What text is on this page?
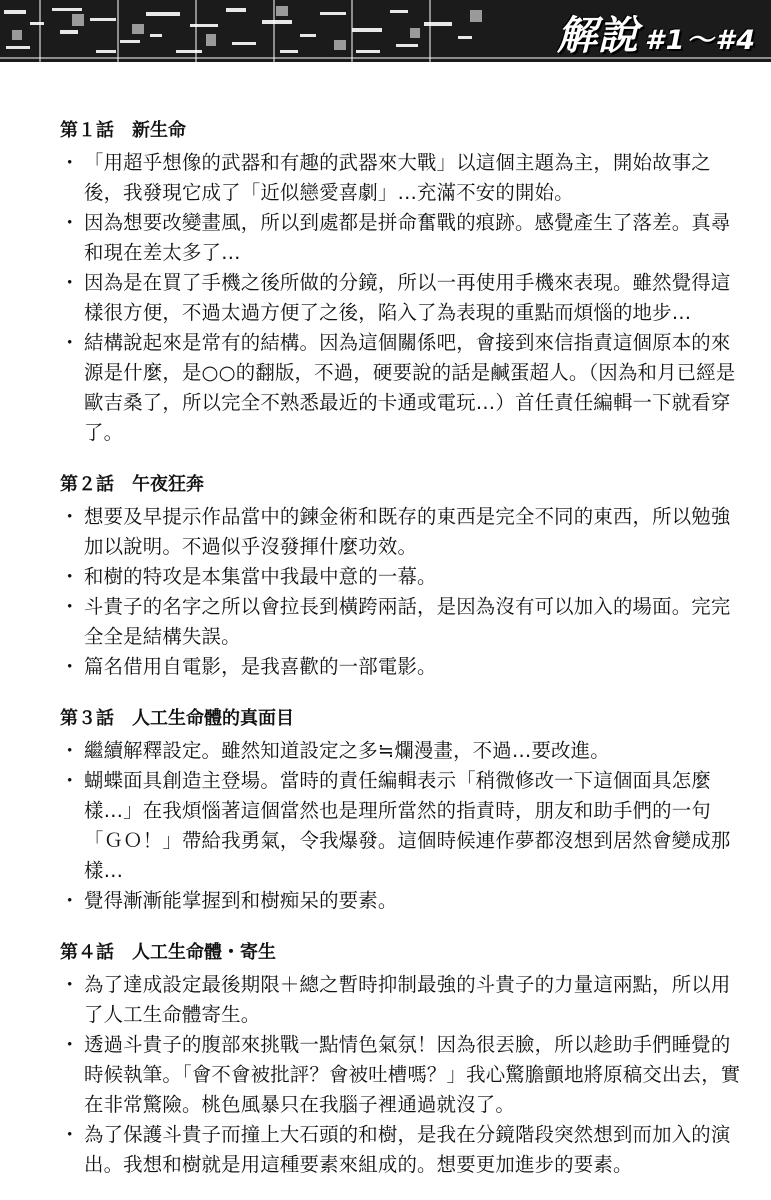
解說 #1～#4
第１話 新生命
・ 「用超乎想像的武器和有趣的武器來大戰」以這個主題為主，開始故事之後，我發現它成了「近似戀愛喜劇」…充滿不安的開始。
・ 因為想要改變畫風，所以到處都是拼命奮戰的痕跡。感覺產生了落差。真尋和現在差太多了…
・ 因為是在買了手機之後所做的分鏡，所以一再使用手機來表現。雖然覺得這樣很方便，不過太過方便了之後，陷入了為表現的重點而煩惱的地步…
・ 結構說起來是常有的結構。因為這個關係吧，會接到來信指責這個原本的來源是什麼，是○○的翻版，不過，硬要說的話是鹹蛋超人。（因為和月已經是歐吉桑了，所以完全不熟悉最近的卡通或電玩…）首任責任編輯一下就看穿了。
第２話 午夜狂奔
・ 想要及早提示作品當中的鍊金術和既存的東西是完全不同的東西，所以勉強加以說明。不過似乎沒發揮什麼功效。
・ 和樹的特攻是本集當中我最中意的一幕。
・ 斗貴子的名字之所以會拉長到橫跨兩話，是因為沒有可以加入的場面。完完全全是結構失誤。
・ 篇名借用自電影，是我喜歡的一部電影。
第３話 人工生命體的真面目
・ 繼續解釋設定。雖然知道設定之多≒爛漫畫，不過…要改進。
・ 蝴蝶面具創造主登場。當時的責任編輯表示「稍微修改一下這個面具怎麼樣…」在我煩惱著這個當然也是理所當然的指責時，朋友和助手們的一句「ＧＯ！」帶給我勇氣，令我爆發。這個時候連作夢都沒想到居然會變成那樣…
・ 覺得漸漸能掌握到和樹痴呆的要素。
第４話 人工生命體・寄生
・ 為了達成設定最後期限＋總之暫時抑制最強的斗貴子的力量這兩點，所以用了人工生命體寄生。
・ 透過斗貴子的腹部來挑戰一點情色氣氛！因為很丟臉，所以趁助手們睡覺的時候執筆。「會不會被批評？會被吐槽嗎？」我心驚膽顫地將原稿交出去，實在非常驚險。桃色風暴只在我腦子裡通過就沒了。
・ 為了保護斗貴子而撞上大石頭的和樹，是我在分鏡階段突然想到而加入的演出。我想和樹就是用這種要素來組成的。想要更加進步的要素。
